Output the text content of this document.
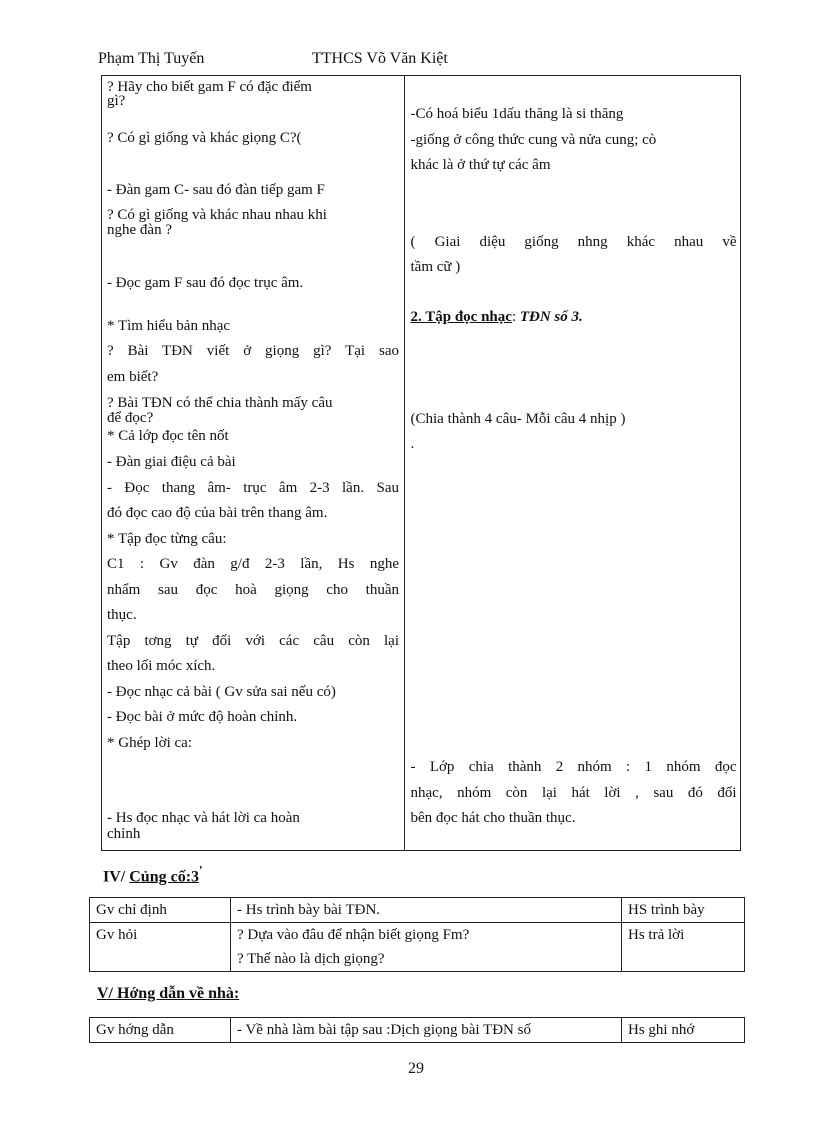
Phạm Thị Tuyến	TTHCS Võ Văn Kiệt
? Hãy cho biết gam F có đặc điểm
gì?
? Có gì giống và khác giọng C?(
- Đàn gam C- sau đó đàn tiếp gam F
? Có gì giống và khác nhau nhau khi
nghe đàn ?
- Đọc gam F sau đó đọc trục âm.
* Tìm hiểu bản nhạc
? Bài TĐN viết ở giọng gì? Tại sao
em biết?
? Bài TĐN có thể chia thành mấy câu
để đọc?
* Cả lớp đọc tên nốt
- Đàn giai điệu cả bài
- Đọc thang âm- trục âm 2-3 lần. Sau
đó đọc cao độ của bài trên thang âm.
* Tập đọc từng câu:
C1 : Gv đàn g/đ 2-3 lần, Hs nghe
nhẩm sau đọc hoà giọng cho thuần
thục.
Tập tơng tự đối với các câu còn lại
theo lối móc xích.
- Đọc nhạc cả bài ( Gv sửa sai nếu có)
- Đọc bài ở mức độ hoàn chỉnh.
* Ghép lời ca:
- Hs đọc nhạc và hát lời ca hoàn
chỉnh

-Có hoá biểu 1dấu thăng là si thăng
-giống ở công thức cung và nửa cung; cò
khác là ở thứ tự các âm
( Giai diệu giống nhng khác nhau về
tầm cữ )
2. Tập đọc nhạc: TĐN số 3.
(Chia thành 4 câu- Mỗi câu 4 nhịp )
.
- Lớp chia thành 2 nhóm : 1 nhóm đọc
nhạc, nhóm còn lại hát lời , sau đó đổi
bên đọc hát cho thuần thục.
IV/ Củng cố:3'
Gv chỉ định	- Hs trình bày bài TĐN.	HS trình bày
Gv hỏi	? Dựa vào đâu để nhận biết giọng Fm?	Hs trả lời
	? Thế nào là dịch giọng?	
V/ Hớng dẫn về nhà:
Gv hớng dẫn	- Về nhà làm bài tập sau :Dịch giọng bài TĐN số	Hs ghi nhớ
29
